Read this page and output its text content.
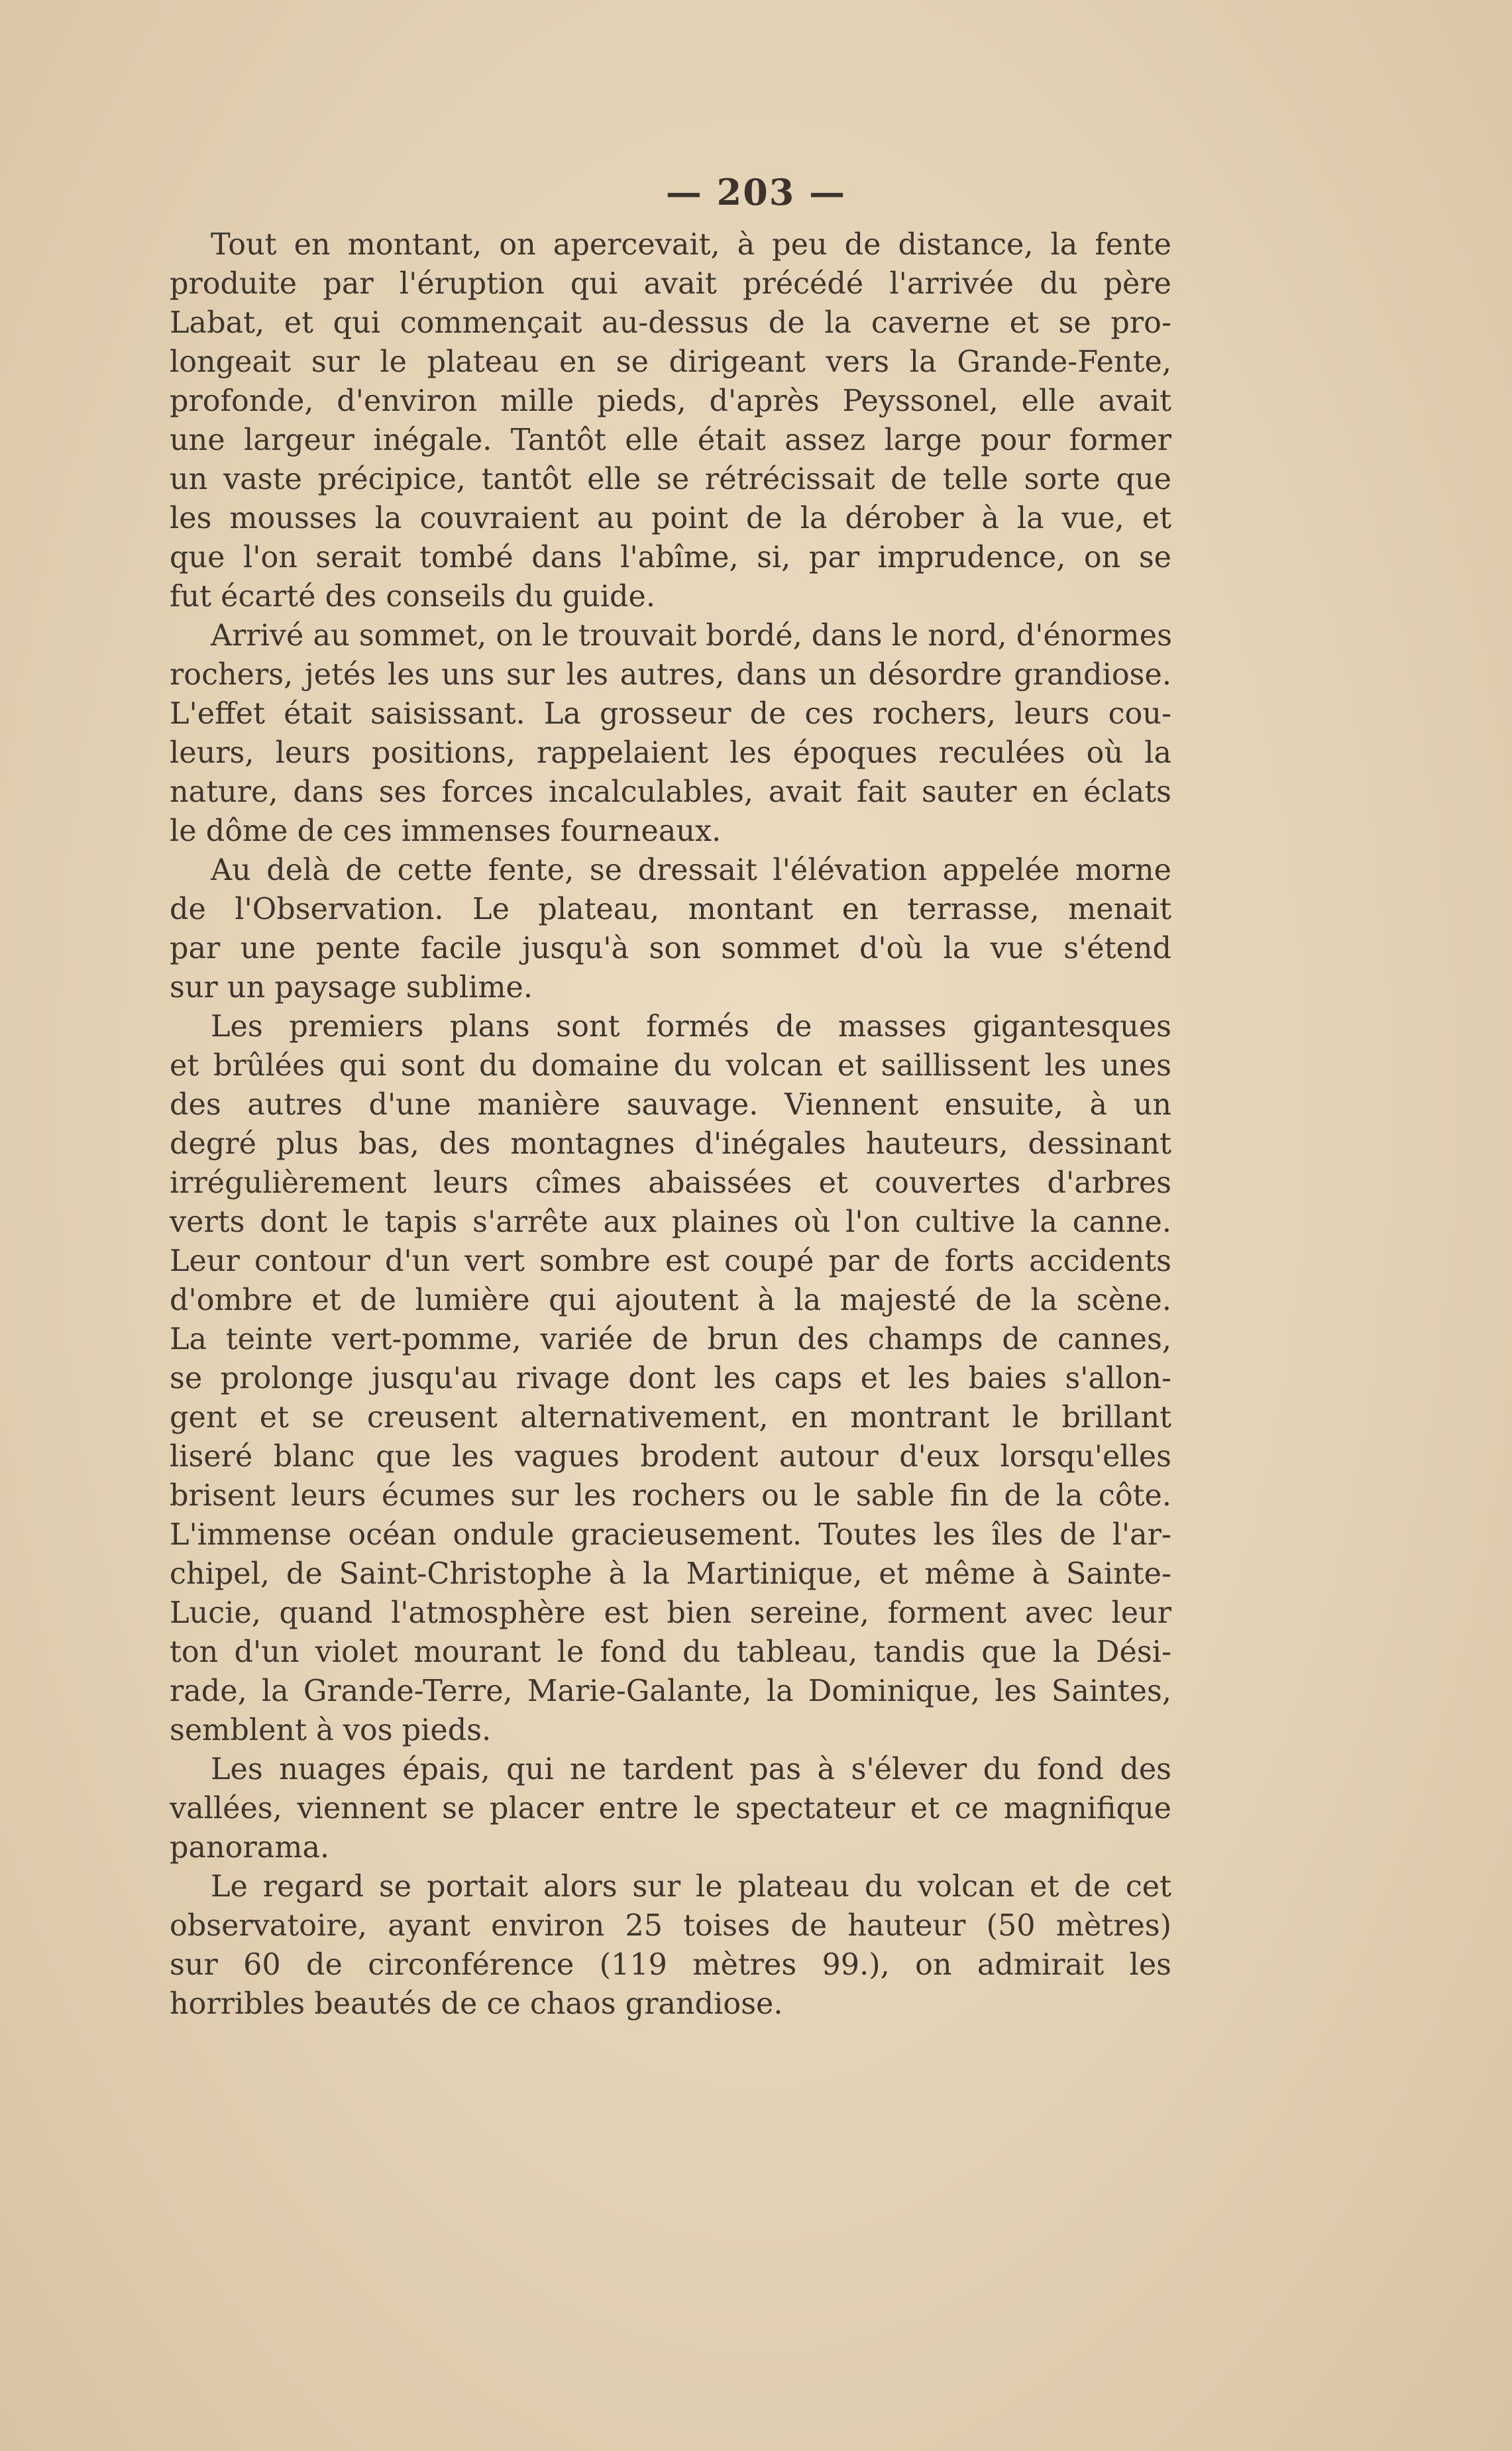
— 203 —
Tout en montant, on apercevait, à peu de distance, la fente
produite par l'éruption qui avait précédé l'arrivée du père
Labat, et qui commençait au-dessus de la caverne et se pro-
longeait sur le plateau en se dirigeant vers la Grande-Fente,
profonde, d'environ mille pieds, d'après Peyssonel, elle avait
une largeur inégale. Tantôt elle était assez large pour former
un vaste précipice, tantôt elle se rétrécissait de telle sorte que
les mousses la couvraient au point de la dérober à la vue, et
que l'on serait tombé dans l'abîme, si, par imprudence, on se
fut écarté des conseils du guide.
Arrivé au sommet, on le trouvait bordé, dans le nord, d'énormes
rochers, jetés les uns sur les autres, dans un désordre grandiose.
L'effet était saisissant. La grosseur de ces rochers, leurs cou-
leurs, leurs positions, rappelaient les époques reculées où la
nature, dans ses forces incalculables, avait fait sauter en éclats
le dôme de ces immenses fourneaux.
Au delà de cette fente, se dressait l'élévation appelée morne
de l'Observation. Le plateau, montant en terrasse, menait
par une pente facile jusqu'à son sommet d'où la vue s'étend
sur un paysage sublime.
Les premiers plans sont formés de masses gigantesques
et brûlées qui sont du domaine du volcan et saillissent les unes
des autres d'une manière sauvage. Viennent ensuite, à un
degré plus bas, des montagnes d'inégales hauteurs, dessinant
irrégulièrement leurs cîmes abaissées et couvertes d'arbres
verts dont le tapis s'arrête aux plaines où l'on cultive la canne.
Leur contour d'un vert sombre est coupé par de forts accidents
d'ombre et de lumière qui ajoutent à la majesté de la scène.
La teinte vert-pomme, variée de brun des champs de cannes,
se prolonge jusqu'au rivage dont les caps et les baies s'allon-
gent et se creusent alternativement, en montrant le brillant
liseré blanc que les vagues brodent autour d'eux lorsqu'elles
brisent leurs écumes sur les rochers ou le sable fin de la côte.
L'immense océan ondule gracieusement. Toutes les îles de l'ar-
chipel, de Saint-Christophe à la Martinique, et même à Sainte-
Lucie, quand l'atmosphère est bien sereine, forment avec leur
ton d'un violet mourant le fond du tableau, tandis que la Dési-
rade, la Grande-Terre, Marie-Galante, la Dominique, les Saintes,
semblent à vos pieds.
Les nuages épais, qui ne tardent pas à s'élever du fond des
vallées, viennent se placer entre le spectateur et ce magnifique
panorama.
Le regard se portait alors sur le plateau du volcan et de cet
observatoire, ayant environ 25 toises de hauteur (50 mètres)
sur 60 de circonférence (119 mètres 99.), on admirait les
horribles beautés de ce chaos grandiose.
